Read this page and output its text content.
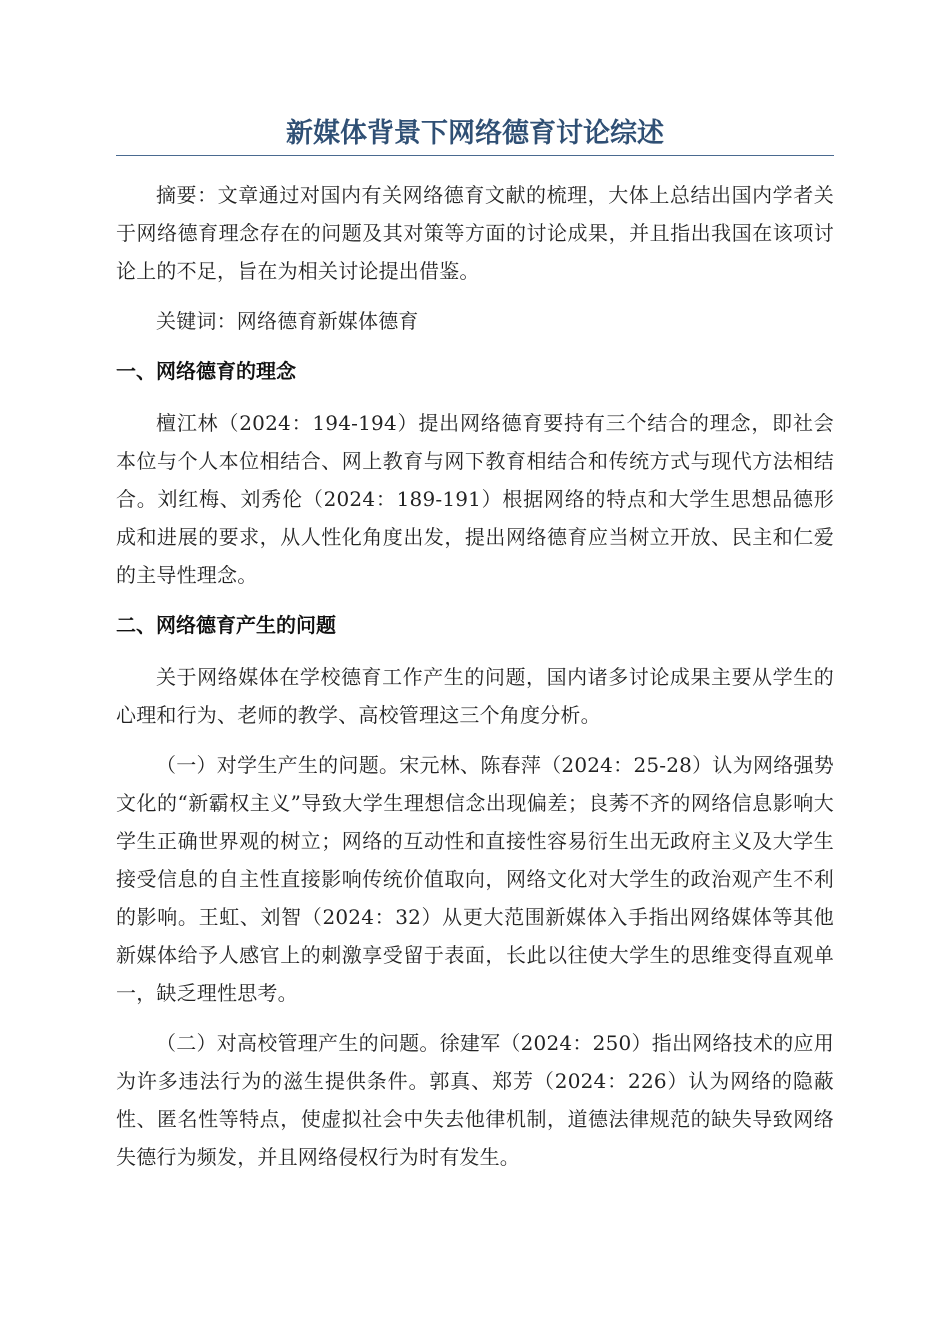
新媒体背景下网络德育讨论综述

摘要：文章通过对国内有关网络德育文献的梳理，大体上总结出国内学者关于网络德育理念存在的问题及其对策等方面的讨论成果，并且指出我国在该项讨论上的不足，旨在为相关讨论提出借鉴。

关键词：网络德育新媒体德育

一、网络德育的理念

檀江林（2024：194-194）提出网络德育要持有三个结合的理念，即社会本位与个人本位相结合、网上教育与网下教育相结合和传统方式与现代方法相结合。刘红梅、刘秀伦（2024：189-191）根据网络的特点和大学生思想品德形成和进展的要求，从人性化角度出发，提出网络德育应当树立开放、民主和仁爱的主导性理念。

二、网络德育产生的问题

关于网络媒体在学校德育工作产生的问题，国内诸多讨论成果主要从学生的心理和行为、老师的教学、高校管理这三个角度分析。

（一）对学生产生的问题。宋元林、陈春萍（2024：25-28）认为网络强势文化的“新霸权主义”导致大学生理想信念出现偏差；良莠不齐的网络信息影响大学生正确世界观的树立；网络的互动性和直接性容易衍生出无政府主义及大学生接受信息的自主性直接影响传统价值取向，网络文化对大学生的政治观产生不利的影响。王虹、刘智（2024：32）从更大范围新媒体入手指出网络媒体等其他新媒体给予人感官上的刺激享受留于表面，长此以往使大学生的思维变得直观单一，缺乏理性思考。

（二）对高校管理产生的问题。徐建军（2024：250）指出网络技术的应用为许多违法行为的滋生提供条件。郭真、郑芳（2024：226）认为网络的隐蔽性、匿名性等特点，使虚拟社会中失去他律机制，道德法律规范的缺失导致网络失德行为频发，并且网络侵权行为时有发生。
